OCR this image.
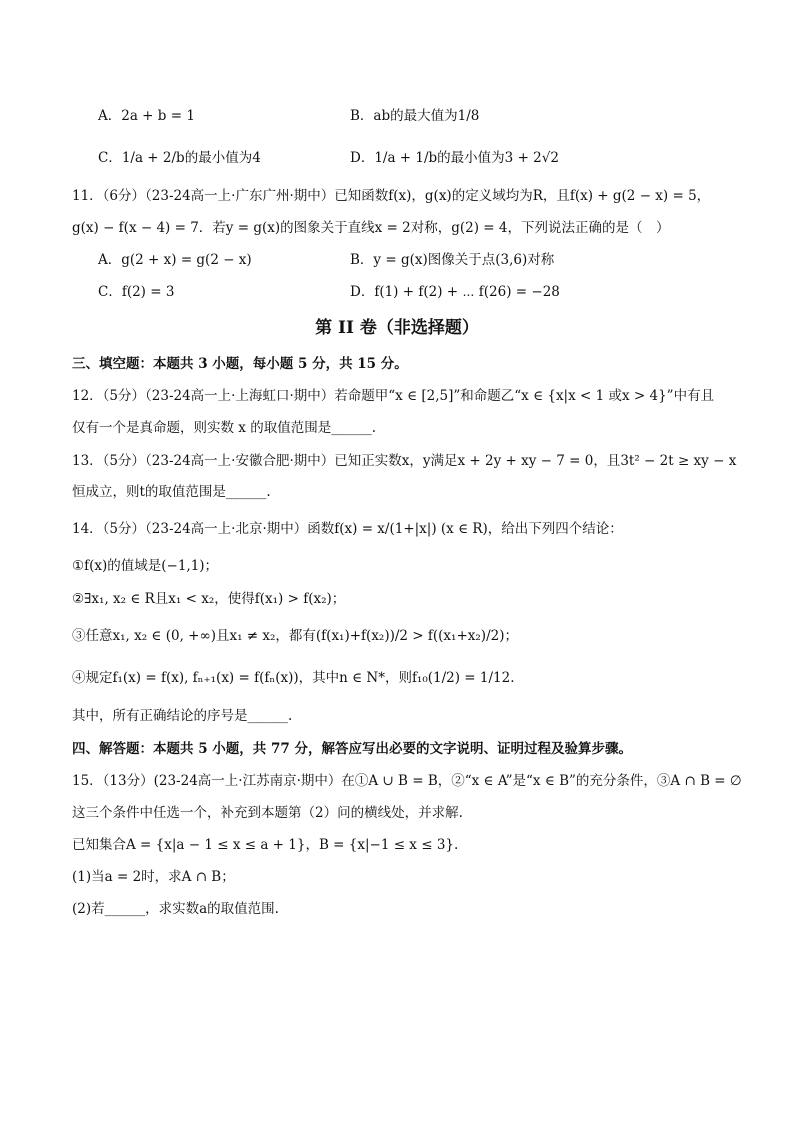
A．2a + b = 1	B．ab的最大值为1/8
C．1/a + 2/b的最小值为4	D．1/a + 1/b的最小值为3 + 2√2
11．（6分）（23-24高一上·广东广州·期中）已知函数f(x)，g(x)的定义域均为R，且f(x) + g(2 − x) = 5，
g(x) − f(x − 4) = 7．若y = g(x)的图象关于直线x = 2对称，g(2) = 4，下列说法正确的是（　）
A．g(2 + x) = g(2 − x)	B．y = g(x)图像关于点(3,6)对称
C．f(2) = 3	D．f(1) + f(2) + ⋯ f(26) = −28
第 II 卷（非选择题）
三、填空题：本题共 3 小题，每小题 5 分，共 15 分。
12．（5分）（23-24高一上·上海虹口·期中）若命题甲“x ∈ [2,5]”和命题乙“x ∈ {x|x < 1 或x > 4}”中有且
仅有一个是真命题，则实数 x 的取值范围是______.
13．（5分）（23-24高一上·安徽合肥·期中）已知正实数x，y满足x + 2y + xy − 7 = 0，且3t² − 2t ≥ xy − x
恒成立，则t的取值范围是______.
14．（5分）（23-24高一上·北京·期中）函数f(x) = x/(1+|x|) (x ∈ R)，给出下列四个结论：
①f(x)的值域是(−1,1)；
②∃x₁, x₂ ∈ R且x₁ < x₂，使得f(x₁) > f(x₂)；
③任意x₁, x₂ ∈ (0, +∞)且x₁ ≠ x₂，都有(f(x₁)+f(x₂))/2 > f((x₁+x₂)/2)；
④规定f₁(x) = f(x), fₙ₊₁(x) = f(fₙ(x))，其中n ∈ N*，则f₁₀(1/2) = 1/12.
其中，所有正确结论的序号是______.
四、解答题：本题共 5 小题，共 77 分，解答应写出必要的文字说明、证明过程及验算步骤。
15．（13分）(23-24高一上·江苏南京·期中）在①A ∪ B = B，②“x ∈ A”是“x ∈ B”的充分条件，③A ∩ B = ∅
这三个条件中任选一个，补充到本题第（2）问的横线处，并求解.
已知集合A = {x|a − 1 ≤ x ≤ a + 1}，B = {x|−1 ≤ x ≤ 3}.
(1)当a = 2时，求A ∩ B；
(2)若______，求实数a的取值范围.
